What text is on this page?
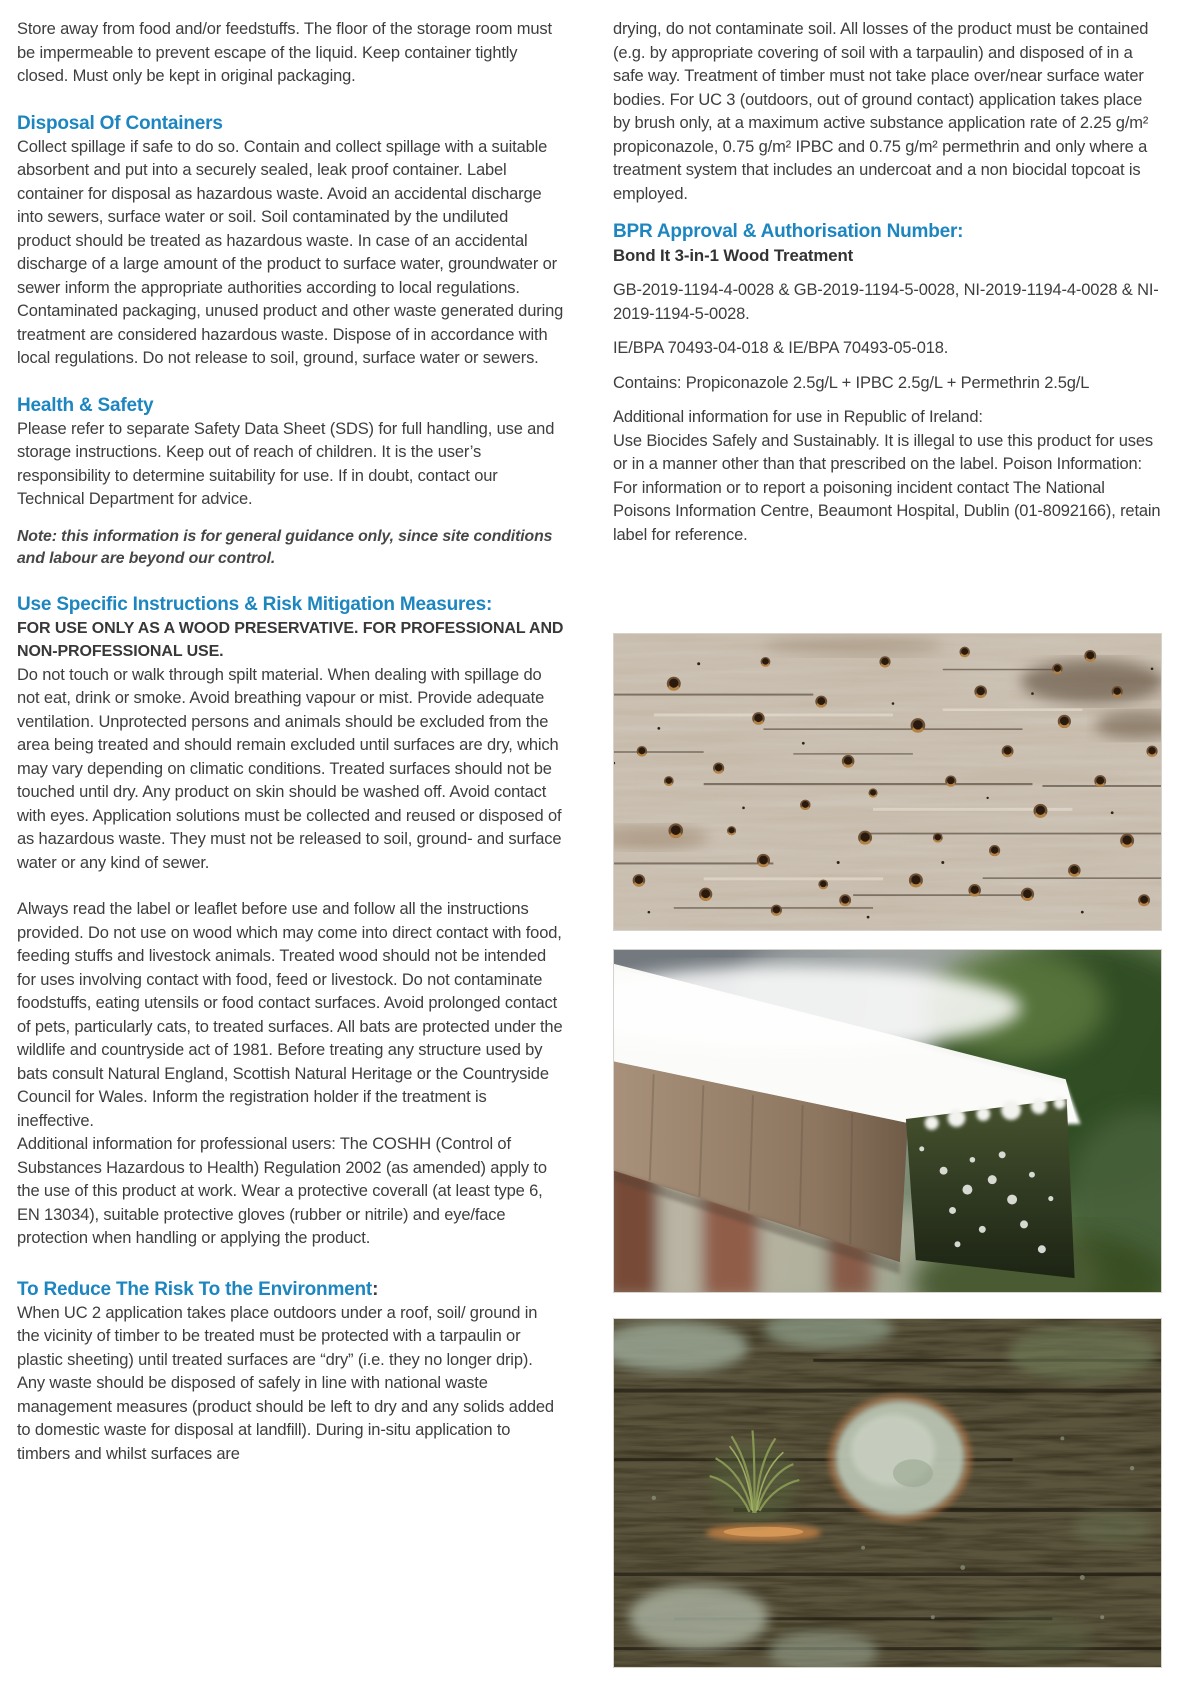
Store away from food and/or feedstuffs. The floor of the storage room must be impermeable to prevent escape of the liquid. Keep container tightly closed. Must only be kept in original packaging.

Disposal Of Containers

Collect spillage if safe to do so. Contain and collect spillage with a suitable absorbent and put into a securely sealed, leak proof container. Label container for disposal as hazardous waste. Avoid an accidental discharge into sewers, surface water or soil. Soil contaminated by the undiluted product should be treated as hazardous waste. In case of an accidental discharge of a large amount of the product to surface water, groundwater or sewer inform the appropriate authorities according to local regulations. Contaminated packaging, unused product and other waste generated during treatment are considered hazardous waste. Dispose of in accordance with local regulations. Do not release to soil, ground, surface water or sewers.

Health & Safety

Please refer to separate Safety Data Sheet (SDS) for full handling, use and storage instructions. Keep out of reach of children. It is the user’s responsibility to determine suitability for use. If in doubt, contact our Technical Department for advice.

Note: this information is for general guidance only, since site conditions and labour are beyond our control.

Use Specific Instructions & Risk Mitigation Measures:

FOR USE ONLY AS A WOOD PRESERVATIVE. FOR PROFESSIONAL AND NON-PROFESSIONAL USE.

Do not touch or walk through spilt material. When dealing with spillage do not eat, drink or smoke. Avoid breathing vapour or mist. Provide adequate ventilation. Unprotected persons and animals should be excluded from the area being treated and should remain excluded until surfaces are dry, which may vary depending on climatic conditions. Treated surfaces should not be touched until dry. Any product on skin should be washed off. Avoid contact with eyes. Application solutions must be collected and reused or disposed of as hazardous waste. They must not be released to soil, ground- and surface water or any kind of sewer.

Always read the label or leaflet before use and follow all the instructions provided. Do not use on wood which may come into direct contact with food, feeding stuffs and livestock animals. Treated wood should not be intended for uses involving contact with food, feed or livestock. Do not contaminate foodstuffs, eating utensils or food contact surfaces. Avoid prolonged contact of pets, particularly cats, to treated surfaces. All bats are protected under the wildlife and countryside act of 1981. Before treating any structure used by bats consult Natural England, Scottish Natural Heritage or the Countryside Council for Wales. Inform the registration holder if the treatment is ineffective.

Additional information for professional users: The COSHH (Control of Substances Hazardous to Health) Regulation 2002 (as amended) apply to the use of this product at work. Wear a protective coverall (at least type 6, EN 13034), suitable protective gloves (rubber or nitrile) and eye/face protection when handling or applying the product.

To Reduce The Risk To the Environment:

When UC 2 application takes place outdoors under a roof, soil/ ground in the vicinity of timber to be treated must be protected with a tarpaulin or plastic sheeting) until treated surfaces are “dry” (i.e. they no longer drip). Any waste should be disposed of safely in line with national waste management measures (product should be left to dry and any solids added to domestic waste for disposal at landfill). During in-situ application to timbers and whilst surfaces are

drying, do not contaminate soil. All losses of the product must be contained (e.g. by appropriate covering of soil with a tarpaulin) and disposed of in a safe way. Treatment of timber must not take place over/near surface water bodies. For UC 3 (outdoors, out of ground contact) application takes place by brush only, at a maximum active substance application rate of 2.25 g/m² propiconazole, 0.75 g/m² IPBC and 0.75 g/m² permethrin and only where a treatment system that includes an undercoat and a non biocidal topcoat is employed.

BPR Approval & Authorisation Number:

Bond It 3-in-1 Wood Treatment

GB-2019-1194-4-0028 & GB-2019-1194-5-0028, NI-2019-1194-4-0028 & NI-2019-1194-5-0028.

IE/BPA 70493-04-018 & IE/BPA 70493-05-018.

Contains: Propiconazole 2.5g/L + IPBC 2.5g/L + Permethrin 2.5g/L

Additional information for use in Republic of Ireland:
Use Biocides Safely and Sustainably. It is illegal to use this product for uses or in a manner other than that prescribed on the label. Poison Information: For information or to report a poisoning incident contact The National Poisons Information Centre, Beaumont Hospital, Dublin (01-8092166), retain label for reference.
